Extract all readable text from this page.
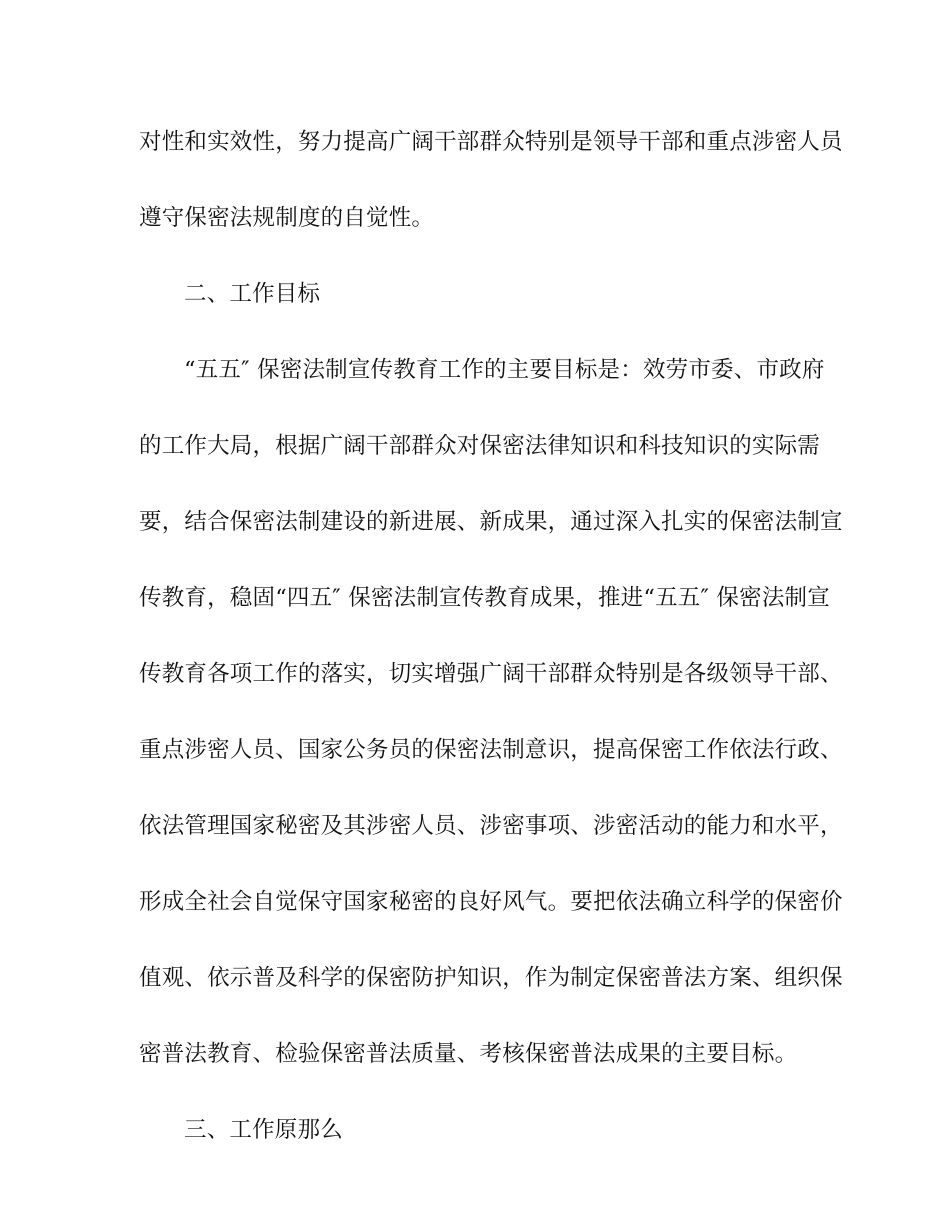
对性和实效性，努力提高广阔干部群众特别是领导干部和重点涉密人员
遵守保密法规制度的自觉性。
二、工作目标
“五五″ 保密法制宣传教育工作的主要目标是：效劳市委、市政府
的工作大局，根据广阔干部群众对保密法律知识和科技知识的实际需
要，结合保密法制建设的新进展、新成果，通过深入扎实的保密法制宣
传教育，稳固“四五″ 保密法制宣传教育成果，推进“五五″ 保密法制宣
传教育各项工作的落实，切实增强广阔干部群众特别是各级领导干部、
重点涉密人员、国家公务员的保密法制意识，提高保密工作依法行政、
依法管理国家秘密及其涉密人员、涉密事项、涉密活动的能力和水平，
形成全社会自觉保守国家秘密的良好风气。要把依法确立科学的保密价
值观、依示普及科学的保密防护知识，作为制定保密普法方案、组织保
密普法教育、检验保密普法质量、考核保密普法成果的主要目标。
三、工作原那么
